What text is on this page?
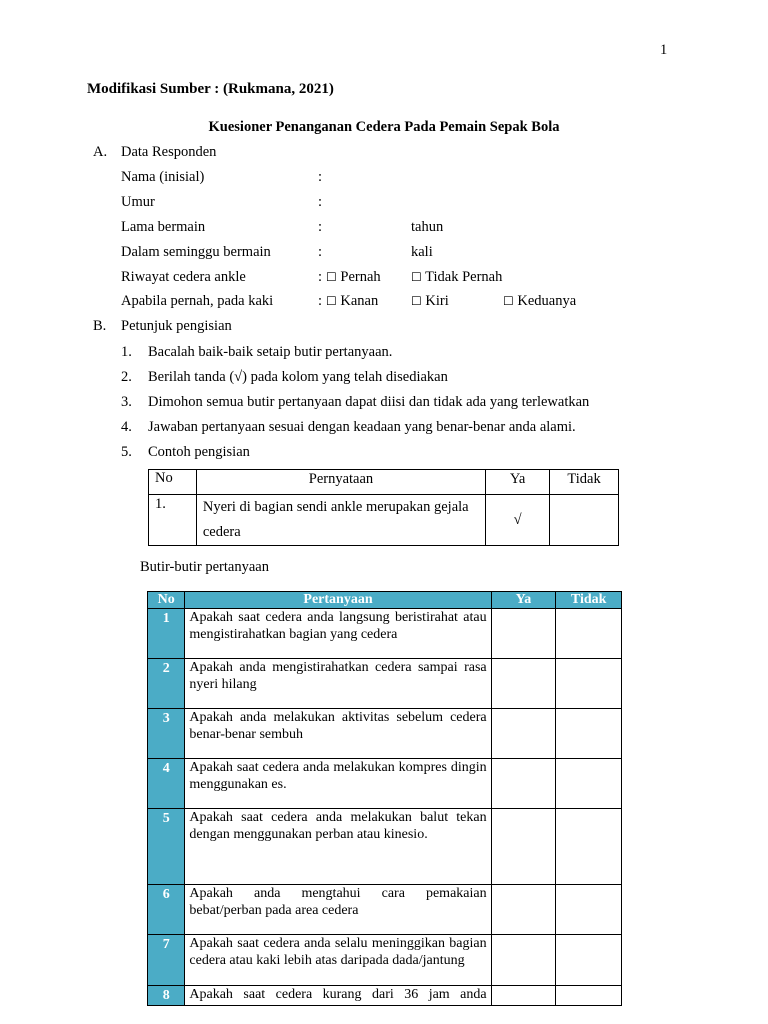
1
Modifikasi Sumber : (Rukmana, 2021)
Kuesioner Penanganan Cedera Pada Pemain Sepak Bola
A. Data Responden
Nama (inisial)	:
Umur	:
Lama bermain	:	tahun
Dalam seminggu bermain	:	kali
Riwayat cedera ankle	: ☐ Pernah	☐ Tidak Pernah
Apabila pernah, pada kaki	: ☐ Kanan	☐ Kiri	☐ Keduanya
B. Petunjuk pengisian
1. Bacalah baik-baik setaip butir pertanyaan.
2. Berilah tanda (√) pada kolom yang telah disediakan
3. Dimohon semua butir pertanyaan dapat diisi dan tidak ada yang terlewatkan
4. Jawaban pertanyaan sesuai dengan keadaan yang benar-benar anda alami.
5. Contoh pengisian
No	Pernyataan	Ya	Tidak
1.	Nyeri di bagian sendi ankle merupakan gejala cedera	√	
Butir-butir pertanyaan
No	Pertanyaan	Ya	Tidak
1	Apakah saat cedera anda langsung beristirahat atau mengistirahatkan bagian yang cedera		
2	Apakah anda mengistirahatkan cedera sampai rasa nyeri hilang		
3	Apakah anda melakukan aktivitas sebelum cedera benar-benar sembuh		
4	Apakah saat cedera anda melakukan kompres dingin menggunakan es.		
5	Apakah saat cedera anda melakukan balut tekan dengan menggunakan perban atau kinesio.		
6	Apakah anda mengtahui cara pemakaian bebat/perban pada area cedera		
7	Apakah saat cedera anda selalu meninggikan bagian cedera atau kaki lebih atas daripada dada/jantung		
8	Apakah saat cedera kurang dari 36 jam anda		
